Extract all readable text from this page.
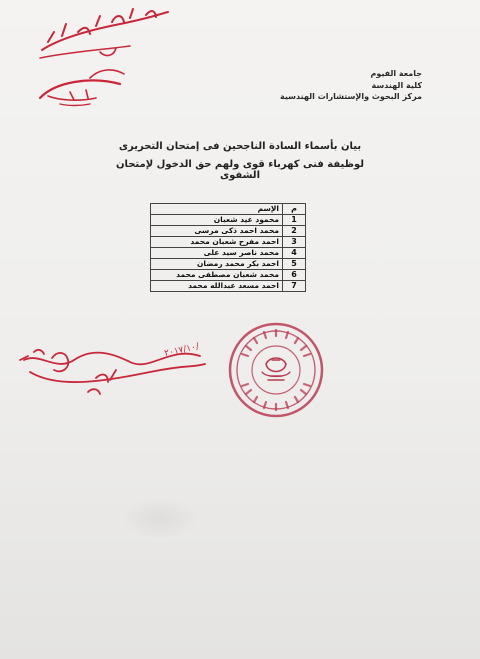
جامعة الفيوم
كلية الهندسة
مركز البحوث والإستشارات الهندسية
بيان بأسماء السادة الناجحين فى إمتحان التحريرى
لوظيفة فنى كهرباء قوى ولهم حق الدخول لإمتحان الشفوى
م	الإسم
1	محمود عيد شعبان
2	محمد احمد ذكى مرسى
3	احمد مفرح شعبان محمد
4	محمد ناصر سيد على
5	احمد بكر محمد رمضان
6	محمد شعبان مصطفى محمد
7	احمد مسعد عبدالله محمد
٢٠١٧/١٠/
